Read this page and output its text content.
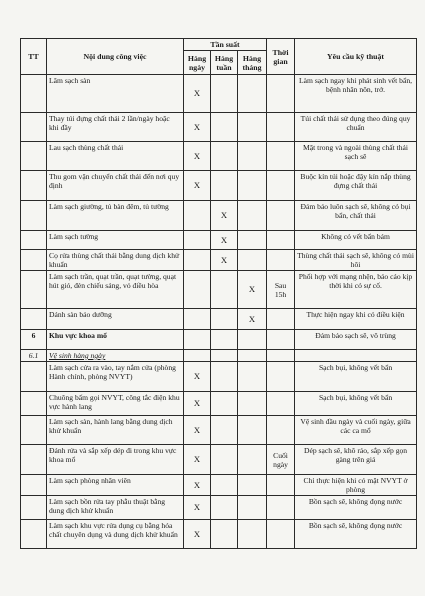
TT	Nội dung công việc	Tần suất			Thời gian	Yêu cầu kỹ thuật
		Hàng ngày	Hàng tuần	Hàng tháng		
	Lâm sạch sàn	X				Làm sạch ngay khi phát sinh vết bẩn, bệnh nhân nôn, trớ.
	Thay túi đựng chất thải 2 lần/ngày hoặc khi đầy	X				Túi chất thải sử dụng theo đúng quy chuẩn
	Lau sạch thùng chất thải	X				Mặt trong và ngoài thùng chất thải sạch sẽ
	Thu gom vận chuyển chất thải đến nơi quy định	X				Buộc kín túi hoặc đậy kín nắp thùng đựng chất thải
	Làm sạch giường, tủ bàn đêm, tủ tường		X			Đảm bảo luôn sạch sẽ, không có bụi bẩn, chất thải
	Làm sạch tường		X			Không có vết bẩn bám
	Cọ rửa thùng chất thải bằng dung dịch khử khuẩn		X			Thùng chất thải sạch sẽ, không có mùi hôi
	Làm sạch trần, quạt trần, quạt tường, quạt hút gió, đèn chiếu sáng, vỏ điều hòa			X	Sau 15h	Phối hợp với mạng nhện, báo cáo kịp thời khi có sự cố.
	Dánh sàn bảo dưỡng			X		Thực hiện ngay khi có điều kiện
6	Khu vực khoa mổ					Đảm bảo sạch sẽ, vô trùng
6.1	Vệ sinh hàng ngày					
	Làm sạch cửa ra vào, tay nắm cửa (phòng Hành chính, phòng NVYT)	X				Sạch bụi, không vết bẩn
	Chuông bấm gọi NVYT, công tắc điện khu vực hành lang	X				Sạch bụi, không vết bẩn
	Làm sạch sàn, hành lang bằng dung dịch khử khuẩn	X				Vệ sinh đầu ngày và cuối ngày, giữa các ca mổ
	Đánh rửa và sắp xếp dép đi trong khu vực khoa mổ	X			Cuối ngày	Dép sạch sẽ, khô ráo, sắp xếp gọn gàng trên giá
	Làm sạch phòng nhân viên	X				Chỉ thực hiện khi có mặt NVYT ở phòng
	Làm sạch bồn rửa tay phẫu thuật bằng dung dịch khử khuẩn	X				Bồn sạch sẽ, không đọng nước
	Làm sạch khu vực rửa dụng cụ bằng hóa chất chuyên dụng và dung dịch khử khuẩn	X				Bồn sạch sẽ, không đọng nước
